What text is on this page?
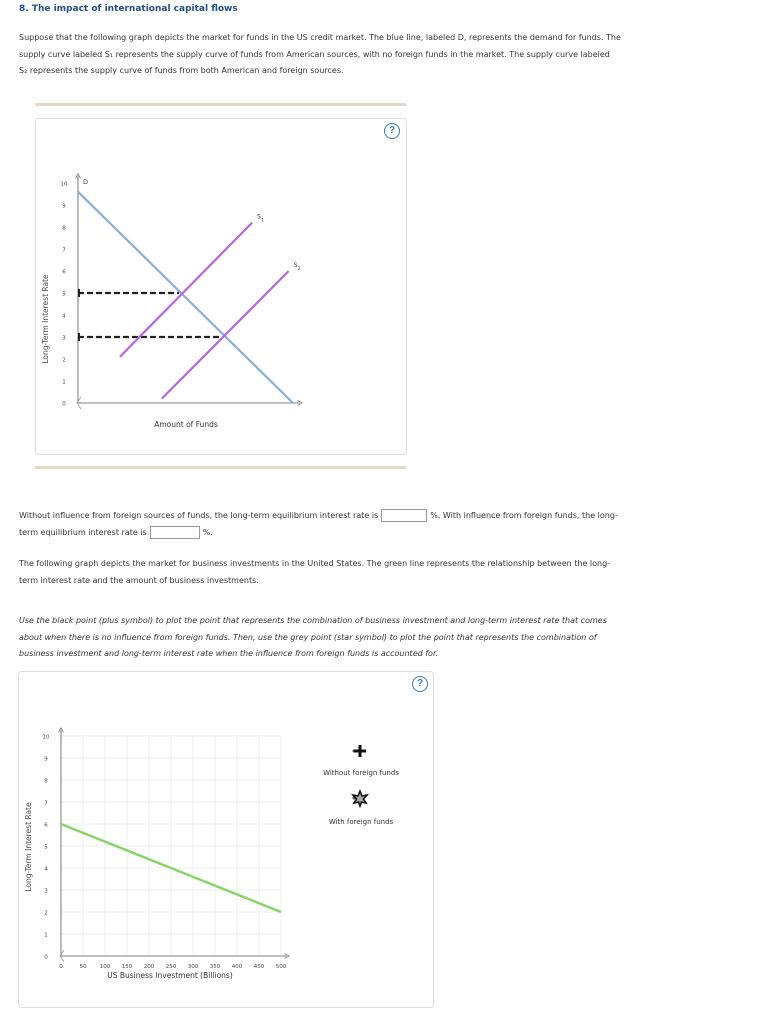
8. The impact of international capital flows
Suppose that the following graph depicts the market for funds in the US credit market. The blue line, labeled D, represents the demand for funds. The
supply curve labeled S₁ represents the supply curve of funds from American sources, with no foreign funds in the market. The supply curve labeled
S₂ represents the supply curve of funds from both American and foreign sources.
?
Long-Term Interest Rate
0
1
2
3
4
5
6
7
8
9
10 D
S
1
S
2
Amount of Funds
Without influence from foreign sources of funds, the long-term equilibrium interest rate is	%. With influence from foreign funds, the long-
term equilibrium interest rate is	%.
The following graph depicts the market for business investments in the United States. The green line represents the relationship between the long-
term interest rate and the amount of business investments.
Use the black point (plus symbol) to plot the point that represents the combination of business investment and long-term interest rate that comes
about when there is no influence from foreign funds. Then, use the grey point (star symbol) to plot the point that represents the combination of
business investment and long-term interest rate when the influence from foreign funds is accounted for.
?
Long-Term Interest Rate
0
1
2
3
4
5
6
7
8
9
10
0	50 100 150 200 250 300 350 400 450 500
US Business Investment (Billions)
Without foreign funds
With foreign funds
